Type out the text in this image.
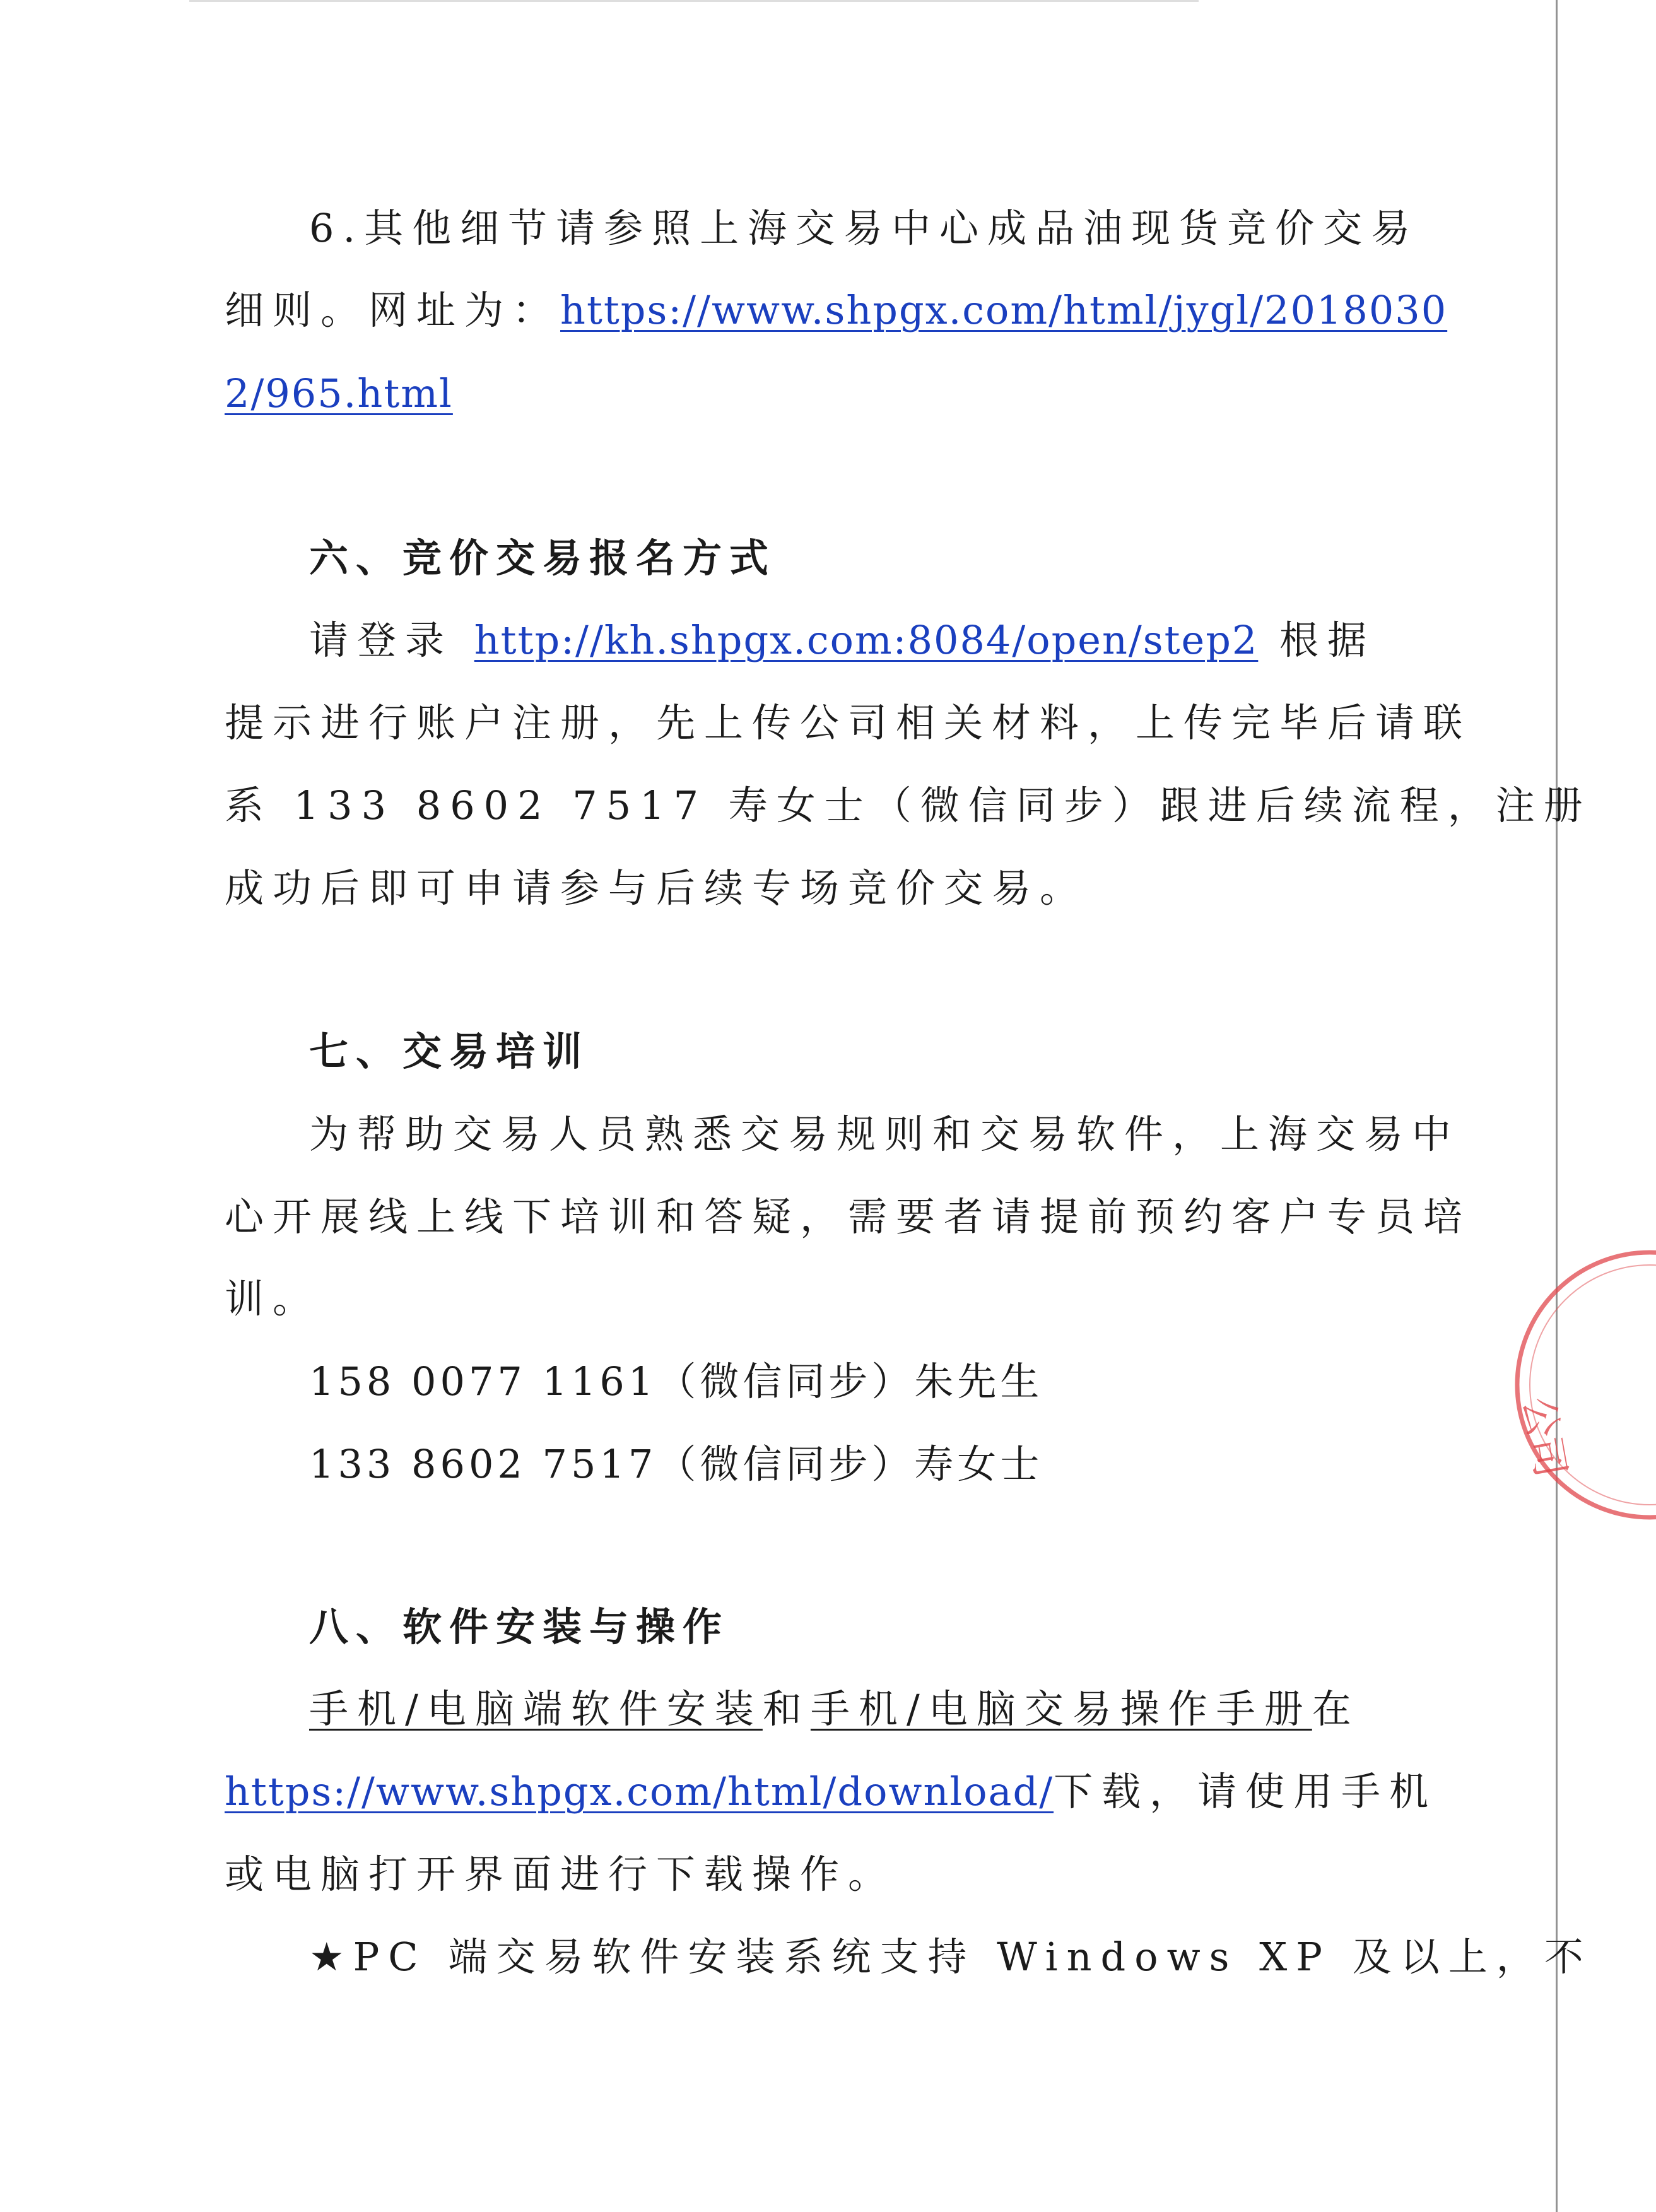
6.其他细节请参照上海交易中心成品油现货竞价交易

细则。网址为：https://www.shpgx.com/html/jygl/2018030

2/965.html

六、竞价交易报名方式

请登录 http://kh.shpgx.com:8084/open/step2 根据

提示进行账户注册，先上传公司相关材料，上传完毕后请联

系 133 8602 7517 寿女士（微信同步）跟进后续流程，注册

成功后即可申请参与后续专场竞价交易。

七、交易培训

为帮助交易人员熟悉交易规则和交易软件，上海交易中

心开展线上线下培训和答疑，需要者请提前预约客户专员培

训。

158 0077 1161（微信同步）朱先生

133 8602 7517（微信同步）寿女士

八、软件安装与操作

手机/电脑端软件安装和手机/电脑交易操作手册在

https://www.shpgx.com/html/download/下载，请使用手机

或电脑打开界面进行下载操作。

★PC 端交易软件安装系统支持 Windows XP 及以上，不

公司
